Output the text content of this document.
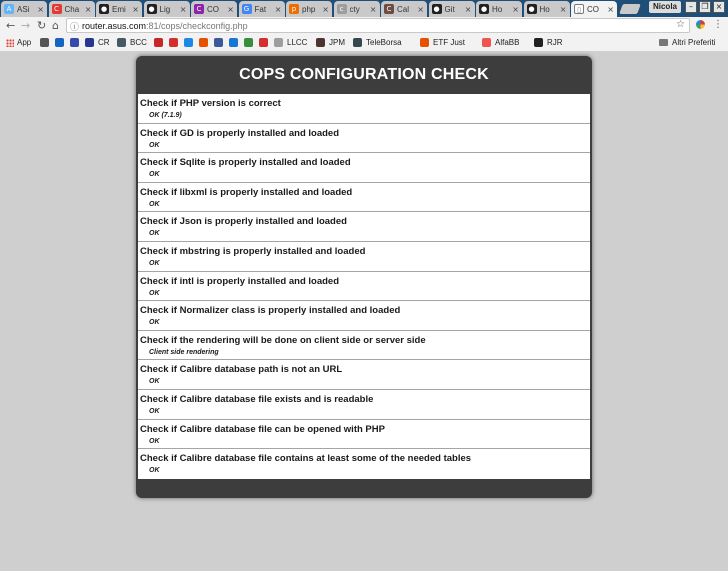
▯ CO	×
● Ho	×
● Ho	×
● Git	×
C Cal	×
c cty	×
p php ×
G Fat	×
C CO	×
● Lig	×
● Emi ×
C Cha ×
A ASi ×	Nicola	–	❐ ×
← → ↻ ⌂ ⓘ router.asus.com:81/cops/checkconfig.php	☆	⋮
App	Altri Preferiti
CR	BCC	LLCC	JPM	TeleBorsa	ETF Just	AlfaBB	RJR
COPS CONFIGURATION CHECK
Check if PHP version is correct
OK (7.1.9)
Check if GD is properly installed and loaded
OK
Check if Sqlite is properly installed and loaded
OK
Check if libxml is properly installed and loaded
OK
Check if Json is properly installed and loaded
OK
Check if mbstring is properly installed and loaded
OK
Check if intl is properly installed and loaded
OK
Check if Normalizer class is properly installed and loaded
OK
Check if the rendering will be done on client side or server side
Client side rendering
Check if Calibre database path is not an URL
OK
Check if Calibre database file exists and is readable
OK
Check if Calibre database file can be opened with PHP
OK
Check if Calibre database file contains at least some of the needed tables
OK
